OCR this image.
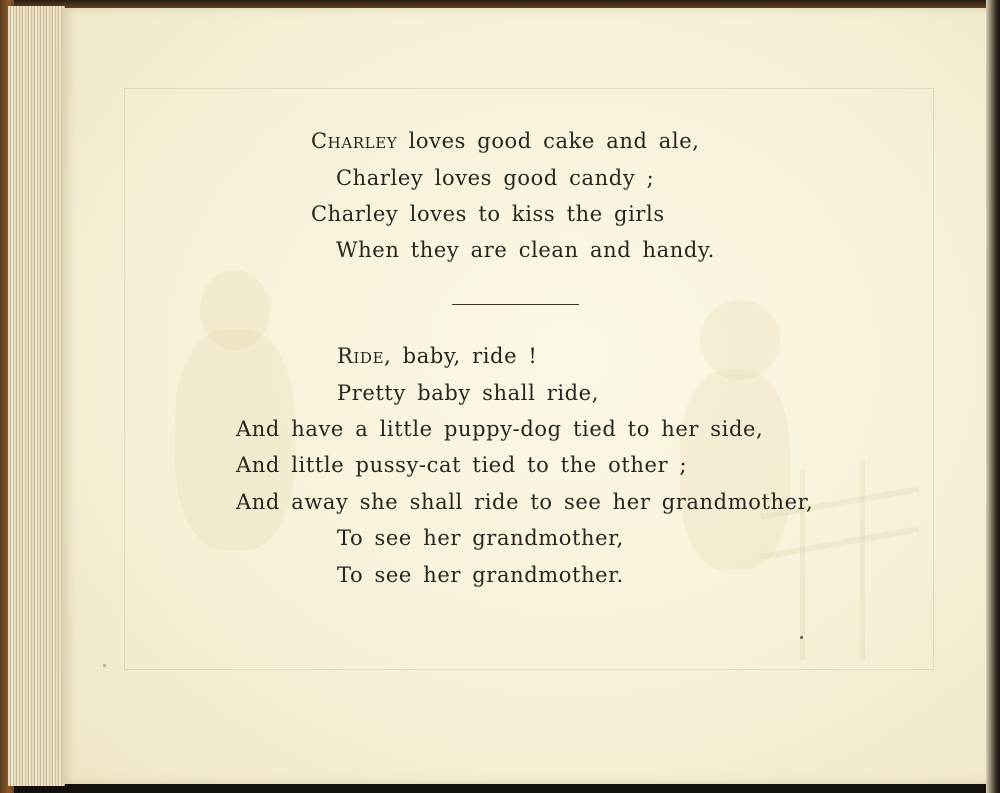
Charley loves good cake and ale,
Charley loves good candy ;
Charley loves to kiss the girls
When they are clean and handy.
Ride, baby, ride !
Pretty baby shall ride,
And have a little puppy-dog tied to her side,
And little pussy-cat tied to the other ;
And away she shall ride to see her grandmother,
To see her grandmother,
To see her grandmother.
